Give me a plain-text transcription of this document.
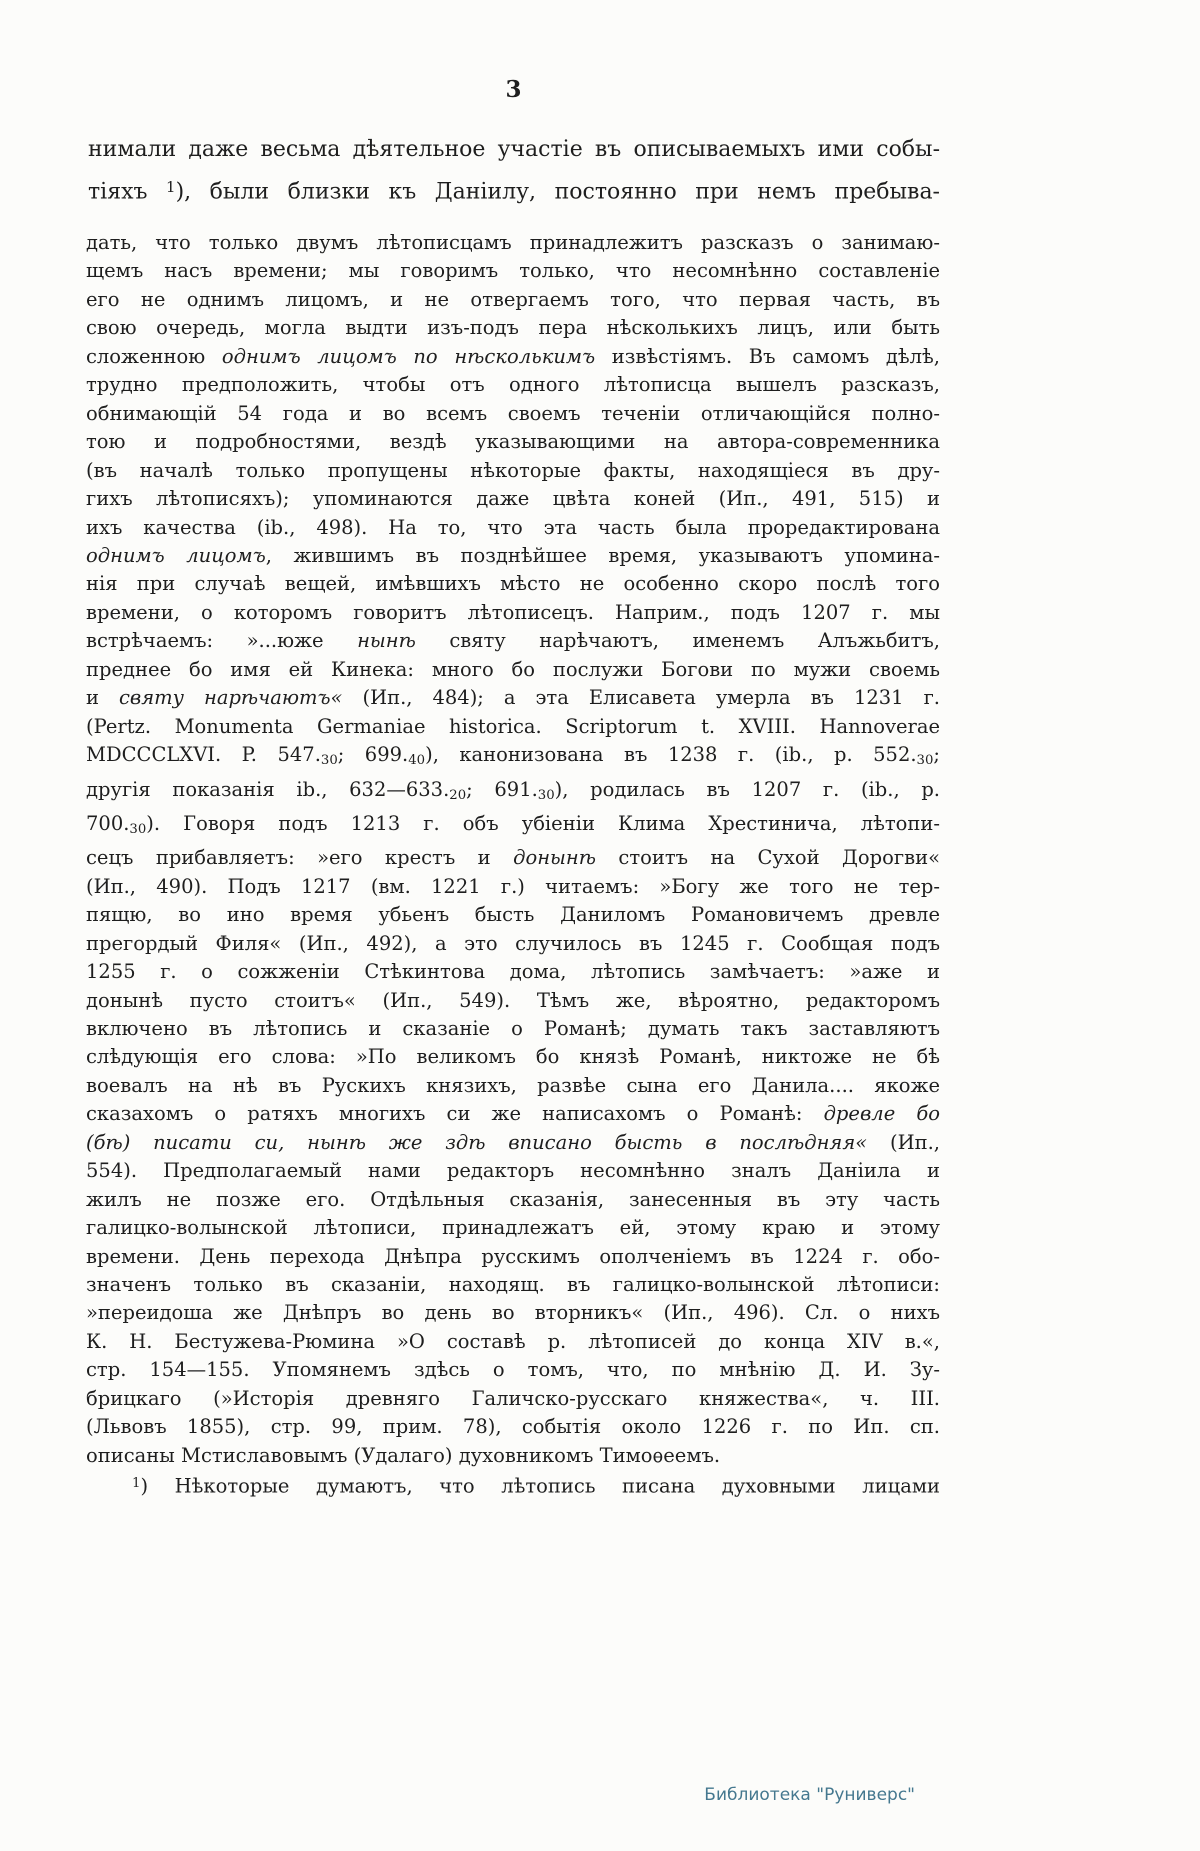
3
нимали даже весьма дѣятельное участіе въ описываемыхъ ими собы-
тіяхъ $^1$), были близки къ Даніилу, постоянно при немъ пребыва-
дать, что только двумъ лѣтописцамъ принадлежитъ разсказъ о занимаю-
щемъ насъ времени; мы говоримъ только, что несомнѣнно составленіе
его не однимъ лицомъ, и не отвергаемъ того, что первая часть, въ
свою очередь, могла выдти изъ-подъ пера нѣсколькихъ лицъ, или быть
сложенною однимъ лицомъ по нѣсколькимъ извѣстіямъ. Въ самомъ дѣлѣ,
трудно предположить, чтобы отъ одного лѣтописца вышелъ разсказъ,
обнимающій 54 года и во всемъ своемъ теченіи отличающійся полно-
тою и подробностями, вездѣ указывающими на автора-современника
(въ началѣ только пропущены нѣкоторые факты, находящіеся въ дру-
гихъ лѣтописяхъ); упоминаются даже цвѣта коней (Ип., 491, 515) и
ихъ качества (ib., 498). На то, что эта часть была проредактирована
однимъ лицомъ, жившимъ въ позднѣйшее время, указываютъ упомина-
нія при случаѣ вещей, имѣвшихъ мѣсто не особенно скоро послѣ того
времени, о которомъ говоритъ лѣтописецъ. Наприм., подъ 1207 г. мы
встрѣчаемъ: »...юже нынѣ святу нарѣчаютъ, именемъ Алъжьбитъ,
преднее бо имя ей Кинека: много бо послужи Богови по мужи своемь
и святу нарѣчаютъ« (Ип., 484); а эта Елисавета умерла въ 1231 г.
(Pertz. Monumenta Germaniae historica. Scriptorum t. XVIII. Hannoverae
MDCCCLXVI. P. $547._{30}$; $699._{40}$), канонизована въ 1238 г. (ib., p. $552._{30}$;
другія показанія ib., $632—633._{20}$; $691._{30}$), родилась въ 1207 г. (ib., р.
$700._{30}$). Говоря подъ 1213 г. объ убіеніи Клима Хрестинича, лѣтопи-
сецъ прибавляетъ: »его крестъ и донынѣ стоитъ на Сухой Дорогви«
(Ип., 490). Подъ 1217 (вм. 1221 г.) читаемъ: »Богу же того не тер-
пящю, во ино время убьенъ бысть Даниломъ Романовичемъ древле
прегордый Филя« (Ип., 492), а это случилось въ 1245 г. Сообщая подъ
1255 г. о сожженіи Стѣкинтова дома, лѣтопись замѣчаетъ: »аже и
донынѣ пусто стоитъ« (Ип., 549). Тѣмъ же, вѣроятно, редакторомъ
включено въ лѣтопись и сказаніе о Романѣ; думать такъ заставляютъ
слѣдующія его слова: »По великомъ бо князѣ Романѣ, никтоже не бѣ
воевалъ на нѣ въ Рускихъ князихъ, развѣе сына его Данила.... якоже
сказахомъ о ратяхъ многихъ си же написахомъ о Романѣ: древле бо
(бѣ) писати си, нынѣ же здѣ вписано бысть в послѣдняя« (Ип.,
554). Предполагаемый нами редакторъ несомнѣнно зналъ Даніила и
жилъ не позже его. Отдѣльныя сказанія, занесенныя въ эту часть
галицко-волынской лѣтописи, принадлежатъ ей, этому краю и этому
времени. День перехода Днѣпра русскимъ ополченіемъ въ 1224 г. обо-
значенъ только въ сказаніи, находящ. въ галицко-волынской лѣтописи:
»переидоша же Днѣпръ во день во вторникъ« (Ип., 496). Сл. о нихъ
К. Н. Бестужева-Рюмина »О составѣ р. лѣтописей до конца XIV в.«,
стр. 154—155. Упомянемъ здѣсь о томъ, что, по мнѣнію Д. И. Зу-
брицкаго (»Исторія древняго Галичско-русскаго княжества«, ч. III.
(Львовъ 1855), стр. 99, прим. 78), событія около 1226 г. по Ип. сп.
описаны Мстиславовымъ (Удалаго) духовникомъ Тимоѳеемъ.
$^1$) Нѣкоторые думаютъ, что лѣтопись писана духовными лицами
Библиотека "Руниверс"
